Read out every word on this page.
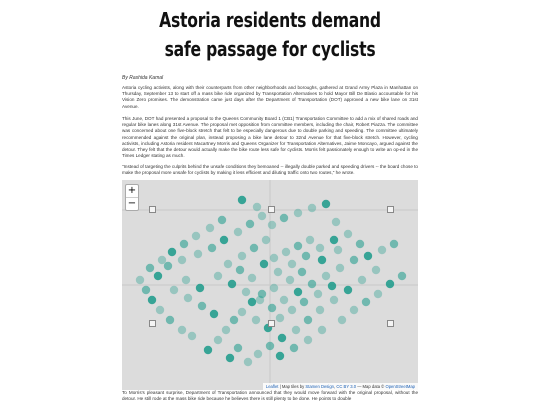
Astoria residents demand
safe passage for cyclists
By Rashida Kamal
Astoria cycling activists, along with their counterparts from other neighborhoods and boroughs, gathered at Grand Army Plaza in Manhattan on Thursday, September 13 to start off a mass bike ride organized by Transportation Alternatives to hold Mayor Bill De Blasio accountable for his Vision Zero promises. The demonstration came just days after the Department of Transportation (DOT) approved a new bike lane on 31st Avenue.
This June, DOT had presented a proposal to the Queens Community Board 1 (CB1) Transportation Committee to add a mix of shared roads and regular bike lanes along 31st Avenue. The proposal met opposition from committee members, including the chair, Robert Piazza. The committee was concerned about one five-block stretch that felt to be especially dangerous due to double parking and speeding. The committee ultimately recommended against the original plan, instead proposing a bike lane detour to 32nd Avenue for that five-block stretch. However, cycling activists, including Astoria resident Macartney Morris and Queens Organizer for Transportation Alternatives, Jaime Moncayo, argued against the detour. They felt that the detour would actually make the bike route less safe for cyclists. Morris felt passionately enough to write an op-ed in the Times Ledger stating as much.
"Instead of targeting the culprits behind the unsafe conditions they bemoaned -- illegally double parked and speeding drivers -- the board chose to make the proposal more unsafe for cyclists by making it less efficient and diluting traffic onto two routes," he wrote.
+
−
Leaflet | Map tiles by Stamen Design, CC BY 3.0 — Map data © OpenStreetMap
To Morris's pleasant surprise, Department of Transportation announced that they would move forward with the original proposal, without the detour. He still rode at the mass bike ride because he believes there is still plenty to be done. He points to double
